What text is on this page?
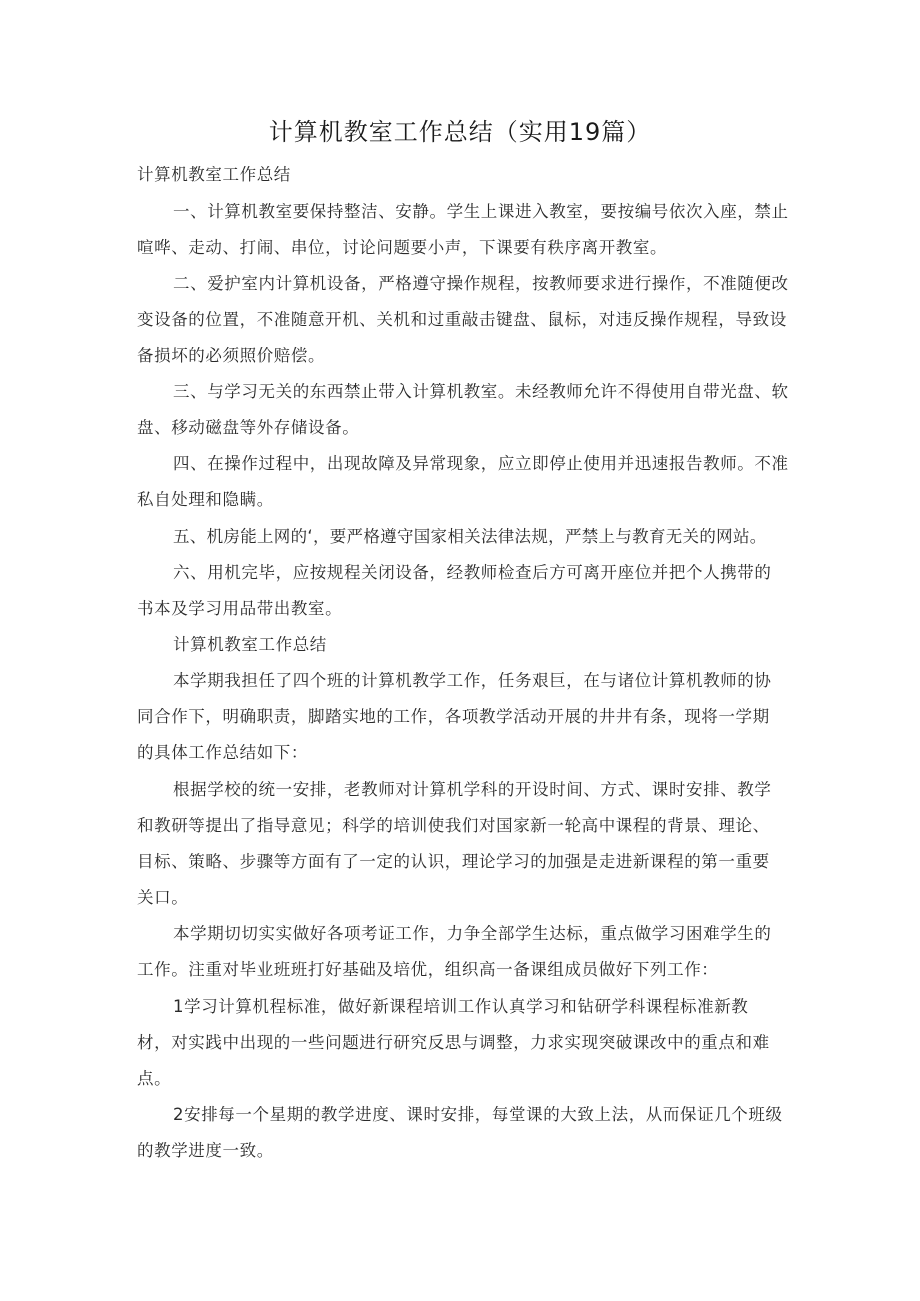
计算机教室工作总结（实用19篇）
计算机教室工作总结
一、计算机教室要保持整洁、安静。学生上课进入教室，要按编号依次入座，禁止
喧哗、走动、打闹、串位，讨论问题要小声，下课要有秩序离开教室。
二、爱护室内计算机设备，严格遵守操作规程，按教师要求进行操作，不准随便改
变设备的位置，不准随意开机、关机和过重敲击键盘、鼠标，对违反操作规程，导致设
备损坏的必须照价赔偿。
三、与学习无关的东西禁止带入计算机教室。未经教师允许不得使用自带光盘、软
盘、移动磁盘等外存储设备。
四、在操作过程中，出现故障及异常现象，应立即停止使用并迅速报告教师。不准
私自处理和隐瞒。
五、机房能上网的‘，要严格遵守国家相关法律法规，严禁上与教育无关的网站。
六、用机完毕，应按规程关闭设备，经教师检查后方可离开座位并把个人携带的
书本及学习用品带出教室。
计算机教室工作总结
本学期我担任了四个班的计算机教学工作，任务艰巨，在与诸位计算机教师的协
同合作下，明确职责，脚踏实地的工作，各项教学活动开展的井井有条，现将一学期
的具体工作总结如下：
根据学校的统一安排，老教师对计算机学科的开设时间、方式、课时安排、教学
和教研等提出了指导意见；科学的培训使我们对国家新一轮高中课程的背景、理论、
目标、策略、步骤等方面有了一定的认识，理论学习的加强是走进新课程的第一重要
关口。
本学期切切实实做好各项考证工作，力争全部学生达标，重点做学习困难学生的
工作。注重对毕业班班打好基础及培优，组织高一备课组成员做好下列工作：
1学习计算机程标准，做好新课程培训工作认真学习和钻研学科课程标准新教
材，对实践中出现的一些问题进行研究反思与调整，力求实现突破课改中的重点和难
点。
2安排每一个星期的教学进度、课时安排，每堂课的大致上法，从而保证几个班级
的教学进度一致。
